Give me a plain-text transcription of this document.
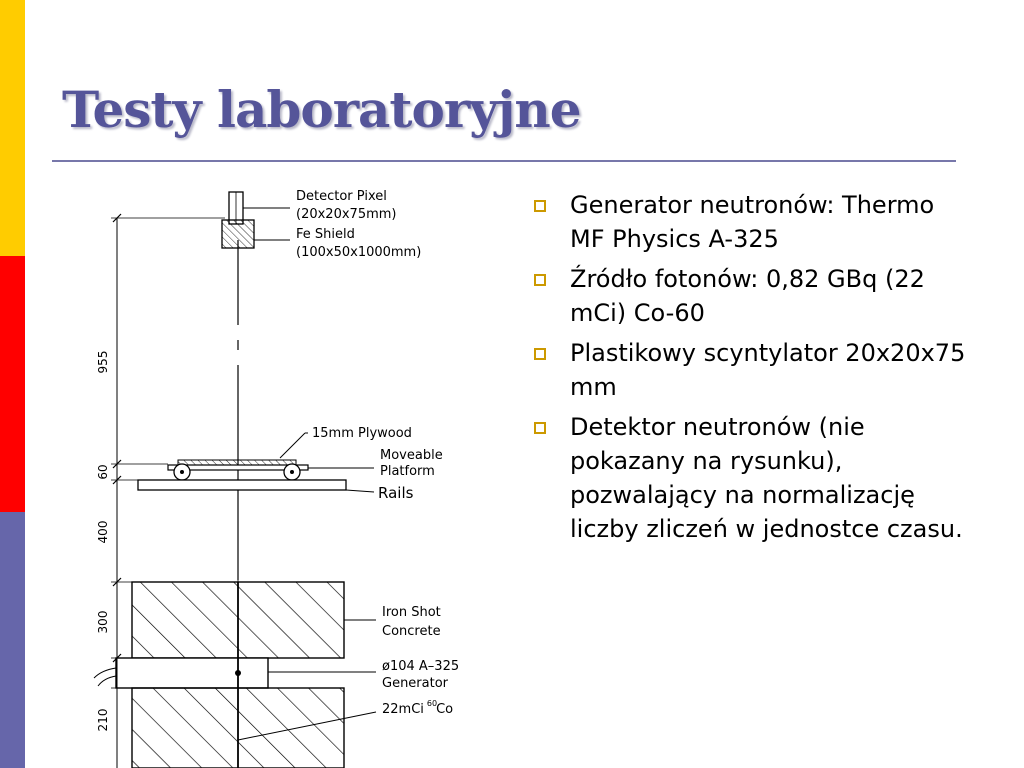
Testy laboratoryjne
Detector Pixel
(20x20x75mm)
Fe Shield
(100x50x1000mm)
15mm Plywood
Moveable
Platform
Rails
Iron Shot
Concrete
ø104 A–325
Generator
22mCi $^{60}$Co
955
60
400
300
210
Generator neutronów: Thermo MF Physics A-325
Źródło fotonów: 0,82 GBq (22 mCi) Co-60
Plastikowy scyntylator 20x20x75 mm
Detektor neutronów (nie pokazany na rysunku), pozwalający na normalizację liczby zliczeń w jednostce czasu.
